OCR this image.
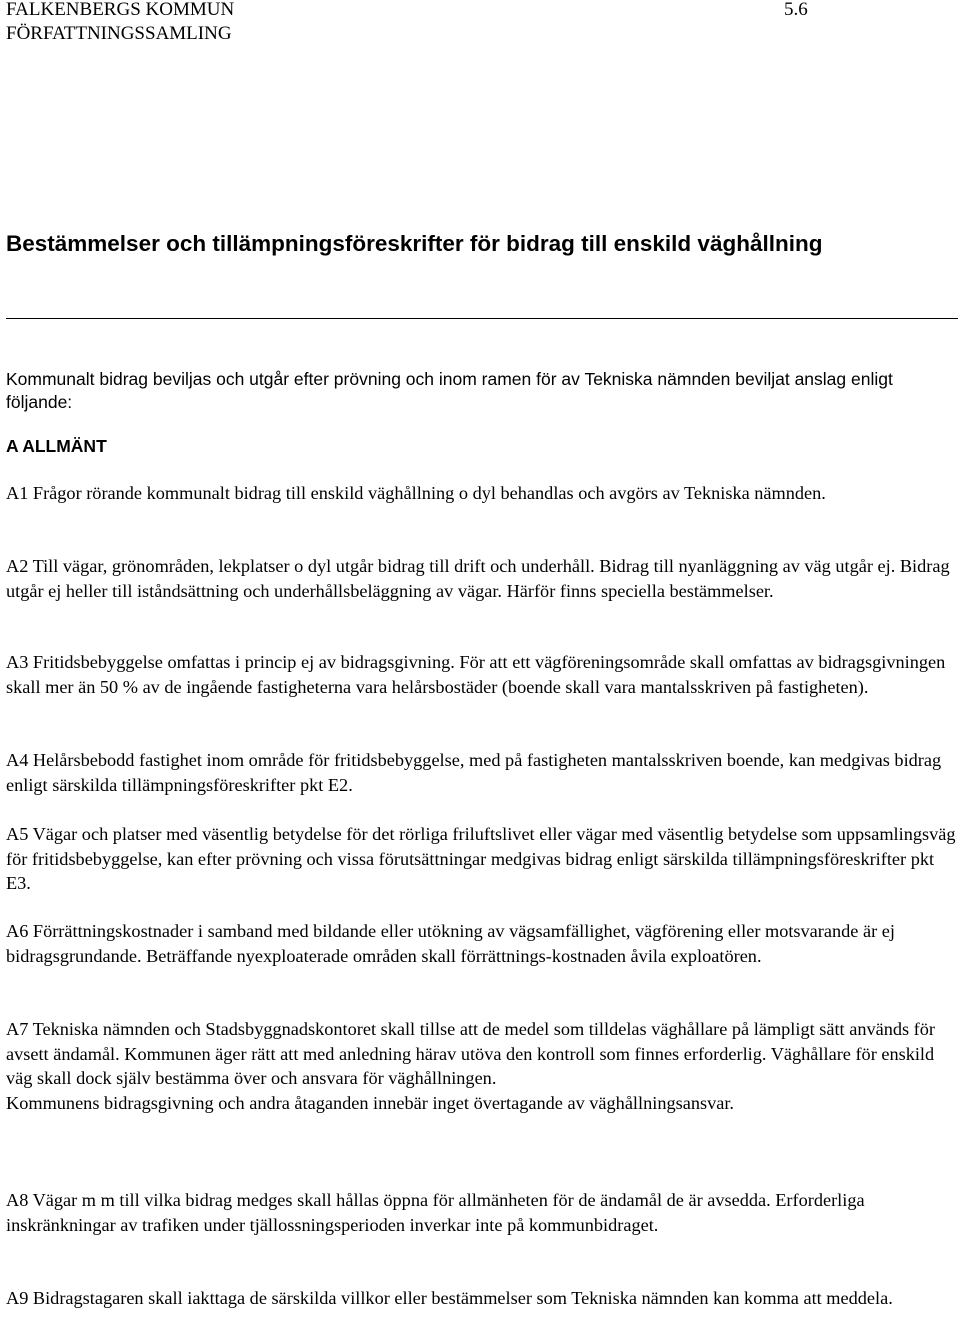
FALKENBERGS KOMMUN
FÖRFATTNINGSSAMLING
5.6
Bestämmelser och tillämpningsföreskrifter för bidrag till enskild väghållning

Kommunalt bidrag beviljas och utgår efter prövning och inom ramen för av Tekniska nämnden beviljat anslag enligt följande:

A ALLMÄNT

A1 Frågor rörande kommunalt bidrag till enskild väghållning o dyl behandlas och avgörs av Tekniska nämnden.

A2 Till vägar, grönområden, lekplatser o dyl utgår bidrag till drift och underhåll. Bidrag till nyanläggning av väg utgår ej. Bidrag utgår ej heller till iståndsättning och underhållsbeläggning av vägar. Härför finns speciella bestämmelser.

A3 Fritidsbebyggelse omfattas i princip ej av bidragsgivning. För att ett vägföreningsområde skall omfattas av bidragsgivningen skall mer än 50 % av de ingående fastigheterna vara helårsbostäder (boende skall vara mantalsskriven på fastigheten).

A4 Helårsbebodd fastighet inom område för fritidsbebyggelse, med på fastigheten mantalsskriven boende, kan medgivas bidrag enligt särskilda tillämpningsföreskrifter pkt E2.

A5 Vägar och platser med väsentlig betydelse för det rörliga friluftslivet eller vägar med väsentlig betydelse som uppsamlingsväg för fritidsbebyggelse, kan efter prövning och vissa förutsättningar medgivas bidrag enligt särskilda tillämpningsföreskrifter pkt E3.

A6 Förrättningskostnader i samband med bildande eller utökning av vägsamfällighet, vägförening eller motsvarande är ej bidragsgrundande. Beträffande nyexploaterade områden skall förrättnings-kostnaden åvila exploatören.

A7 Tekniska nämnden och Stadsbyggnadskontoret skall tillse att de medel som tilldelas väghållare på lämpligt sätt används för avsett ändamål. Kommunen äger rätt att med anledning härav utöva den kontroll som finnes erforderlig. Väghållare för enskild väg skall dock själv bestämma över och ansvara för väghållningen.
Kommunens bidragsgivning och andra åtaganden innebär inget övertagande av väghållningsansvar.

A8 Vägar m m till vilka bidrag medges skall hållas öppna för allmänheten för de ändamål de är avsedda. Erforderliga inskränkningar av trafiken under tjällossningsperioden inverkar inte på kommunbidraget.

A9 Bidragstagaren skall iakttaga de särskilda villkor eller bestämmelser som Tekniska nämnden kan komma att meddela.
